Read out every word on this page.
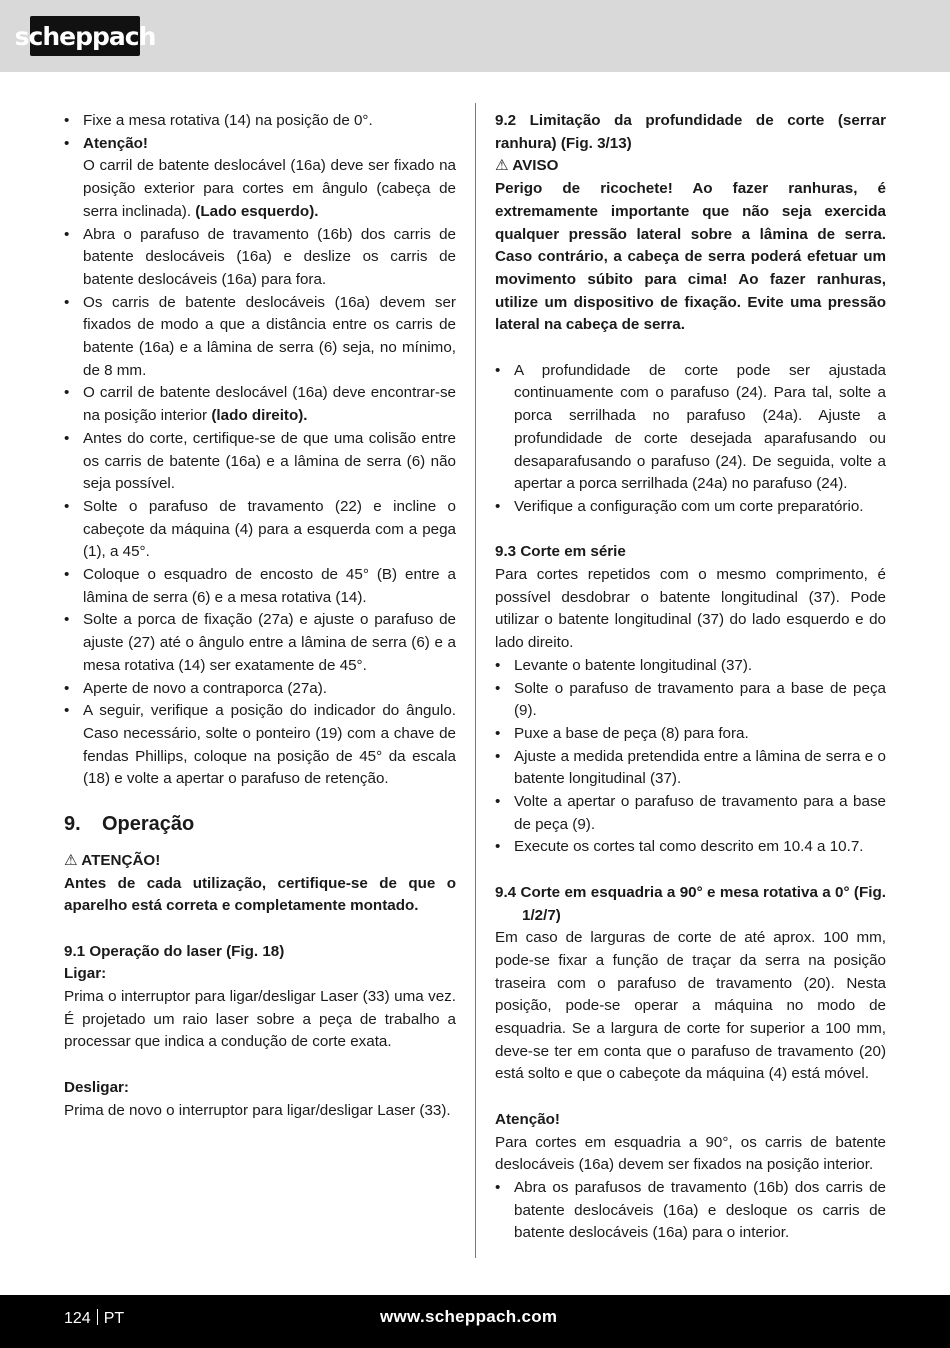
scheppach
• Fixe a mesa rotativa (14) na posição de 0°.
• Atenção!
O carril de batente deslocável (16a) deve ser fixado na posição exterior para cortes em ângulo (cabeça de serra inclinada). (Lado esquerdo).
• Abra o parafuso de travamento (16b) dos carris de batente deslocáveis (16a) e deslize os carris de batente deslocáveis (16a) para fora.
• Os carris de batente deslocáveis (16a) devem ser fixados de modo a que a distância entre os carris de batente (16a) e a lâmina de serra (6) seja, no mínimo, de 8 mm.
• O carril de batente deslocável (16a) deve encontrar-se na posição interior (lado direito).
• Antes do corte, certifique-se de que uma colisão entre os carris de batente (16a) e a lâmina de serra (6) não seja possível.
• Solte o parafuso de travamento (22) e incline o cabeçote da máquina (4) para a esquerda com a pega (1), a 45°.
• Coloque o esquadro de encosto de 45° (B) entre a lâmina de serra (6) e a mesa rotativa (14).
• Solte a porca de fixação (27a) e ajuste o parafuso de ajuste (27) até o ângulo entre a lâmina de serra (6) e a mesa rotativa (14) ser exatamente de 45°.
• Aperte de novo a contraporca (27a).
• A seguir, verifique a posição do indicador do ângulo. Caso necessário, solte o ponteiro (19) com a chave de fendas Phillips, coloque na posição de 45° da escala (18) e volte a apertar o parafuso de retenção.
9. Operação

⚠ ATENÇÃO!

Antes de cada utilização, certifique-se de que o aparelho está correta e completamente montado.

9.1 Operação do laser (Fig. 18)

Ligar:

Prima o interruptor para ligar/desligar Laser (33) uma vez. É projetado um raio laser sobre a peça de trabalho a processar que indica a condução de corte exata.

Desligar:

Prima de novo o interruptor para ligar/desligar Laser (33).

9.2 Limitação da profundidade de corte (serrar ranhura) (Fig. 3/13)

⚠ AVISO

Perigo de ricochete! Ao fazer ranhuras, é extremamente importante que não seja exercida qualquer pressão lateral sobre a lâmina de serra. Caso contrário, a cabeça de serra poderá efetuar um movimento súbito para cima! Ao fazer ranhuras, utilize um dispositivo de fixação. Evite uma pressão lateral na cabeça de serra.

• A profundidade de corte pode ser ajustada continuamente com o parafuso (24). Para tal, solte a porca serrilhada no parafuso (24a). Ajuste a profundidade de corte desejada aparafusando ou desaparafusando o parafuso (24). De seguida, volte a apertar a porca serrilhada (24a) no parafuso (24).
• Verifique a configuração com um corte preparatório.

9.3 Corte em série

Para cortes repetidos com o mesmo comprimento, é possível desdobrar o batente longitudinal (37). Pode utilizar o batente longitudinal (37) do lado esquerdo e do lado direito.

• Levante o batente longitudinal (37).
• Solte o parafuso de travamento para a base de peça (9).
• Puxe a base de peça (8) para fora.
• Ajuste a medida pretendida entre a lâmina de serra e o batente longitudinal (37).
• Volte a apertar o parafuso de travamento para a base de peça (9).
• Execute os cortes tal como descrito em 10.4 a 10.7.

9.4 Corte em esquadria a 90° e mesa rotativa a 0° (Fig. 1/2/7)

Em caso de larguras de corte de até aprox. 100 mm, pode-se fixar a função de traçar da serra na posição traseira com o parafuso de travamento (20). Nesta posição, pode-se operar a máquina no modo de esquadria. Se a largura de corte for superior a 100 mm, deve-se ter em conta que o parafuso de travamento (20) está solto e que o cabeçote da máquina (4) está móvel.

Atenção!

Para cortes em esquadria a 90°, os carris de batente deslocáveis (16a) devem ser fixados na posição interior.

• Abra os parafusos de travamento (16b) dos carris de batente deslocáveis (16a) e desloque os carris de batente deslocáveis (16a) para o interior.
124 PT	www.scheppach.com
